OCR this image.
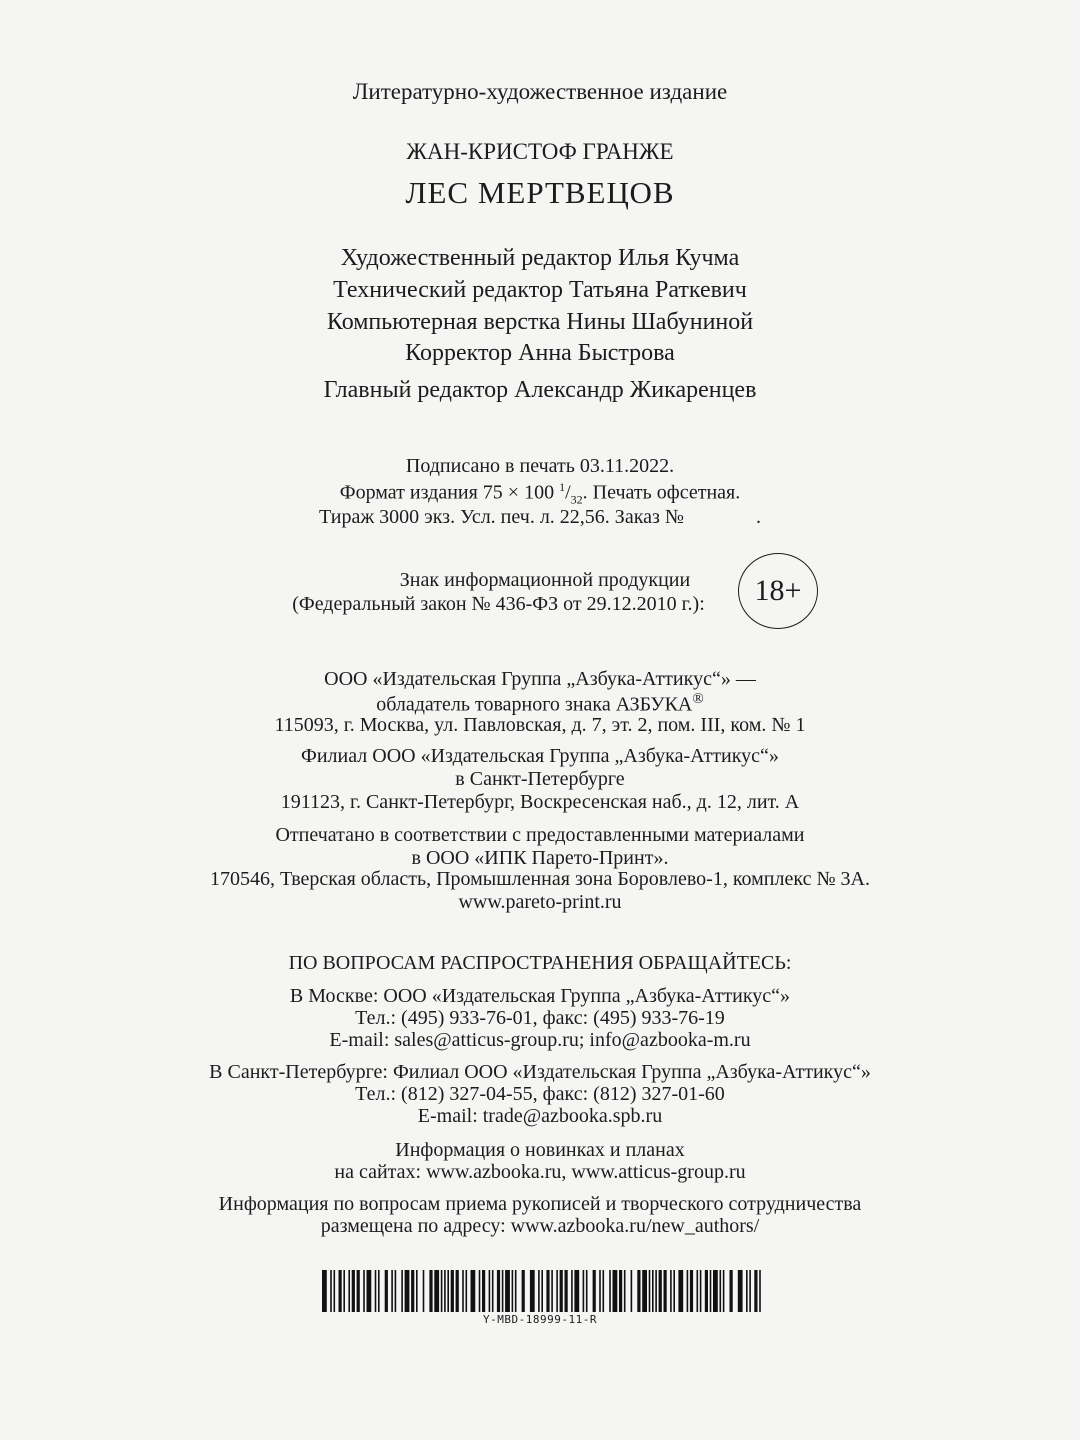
Литературно-художественное издание
ЖАН-КРИСТОФ ГРАНЖЕ
ЛЕС МЕРТВЕЦОВ
Художественный редактор Илья Кучма
Технический редактор Татьяна Раткевич
Компьютерная верстка Нины Шабуниной
Корректор Анна Быстрова
Главный редактор Александр Жикаренцев
Подписано в печать 03.11.2022.
Формат издания 75 × 100 $^1/_{32}$. Печать офсетная.
Тираж 3000 экз. Усл. печ. л. 22,56. Заказ №	.
Знак информационной продукции
(Федеральный закон № 436-ФЗ от 29.12.2010 г.):	18+
ООО «Издательская Группа „Азбука-Аттикус“» —
обладатель товарного знака АЗБУКА®
115093, г. Москва, ул. Павловская, д. 7, эт. 2, пом. III, ком. № 1
Филиал ООО «Издательская Группа „Азбука-Аттикус“»
в Санкт-Петербурге
191123, г. Санкт-Петербург, Воскресенская наб., д. 12, лит. А
Отпечатано в соответствии с предоставленными материалами
в ООО «ИПК Парето-Принт».
170546, Тверская область, Промышленная зона Боровлево-1, комплекс № 3А.
www.pareto-print.ru
ПО ВОПРОСАМ РАСПРОСТРАНЕНИЯ ОБРАЩАЙТЕСЬ:
В Москве: ООО «Издательская Группа „Азбука-Аттикус“»
Тел.: (495) 933-76-01, факс: (495) 933-76-19
E-mail: sales@atticus-group.ru; info@azbooka-m.ru
В Санкт-Петербурге: Филиал ООО «Издательская Группа „Азбука-Аттикус“»
Тел.: (812) 327-04-55, факс: (812) 327-01-60
E-mail: trade@azbooka.spb.ru
Информация о новинках и планах
на сайтах: www.azbooka.ru, www.atticus-group.ru
Информация по вопросам приема рукописей и творческого сотрудничества
размещена по адресу: www.azbooka.ru/new_authors/
Y-MBD-18999-11-R
